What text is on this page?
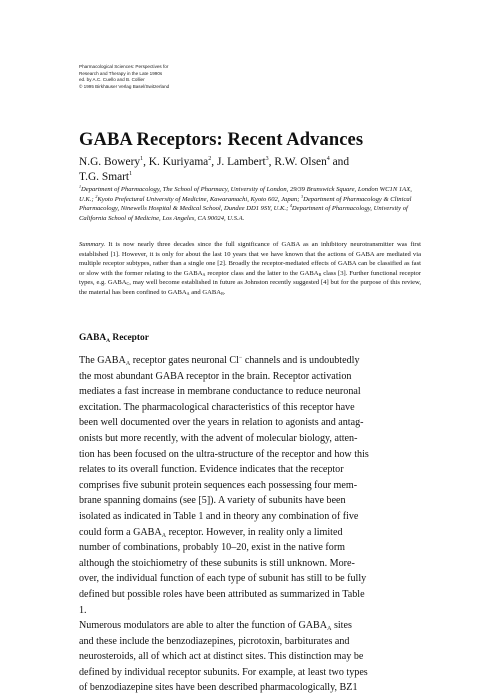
Pharmacological Sciences: Perspectives for
Research and Therapy in the Late 1990s
ed. by A.C. Cuello and B. Collier
© 1995 Birkhäuser Verlag Basel/Switzerland
GABA Receptors: Recent Advances

N.G. Bowery$^1$, K. Kuriyama$^2$, J. Lambert$^3$, R.W. Olsen$^4$ and
T.G. Smart$^1$

$^1$Department of Pharmacology, The School of Pharmacy, University of London, 29/39 Brunswick Square, London WC1N 1AX, U.K.; $^2$Kyoto Prefectural University of Medicine, Kawaramachi, Kyoto 602, Japan; $^3$Department of Pharmacology & Clinical Pharmacology, Ninewells Hospital & Medical School, Dundee DD1 9SY, U.K.; $^4$Department of Pharmacology, University of California School of Medicine, Los Angeles, CA 90024, U.S.A.

Summary. It is now nearly three decades since the full significance of GABA as an inhibitory neurotransmitter was first established [1]. However, it is only for about the last 10 years that we have known that the actions of GABA are mediated via multiple receptor subtypes, rather than a single one [2]. Broadly the receptor-mediated effects of GABA can be classified as fast or slow with the former relating to the $GABA_A$ receptor class and the latter to the $GABA_B$ class [3]. Further functional receptor types, e.g. $GABA_C$, may well become established in future as Johnston recently suggested [4] but for the purpose of this review, the material has been confined to $GABA_A$ and $GABA_B$.

$GABA_A$ Receptor
The $GABA_A$ receptor gates neuronal Cl− channels and is undoubtedly
the most abundant GABA receptor in the brain. Receptor activation
mediates a fast increase in membrane conductance to reduce neuronal
excitation. The pharmacological characteristics of this receptor have
been well documented over the years in relation to agonists and antag-
onists but more recently, with the advent of molecular biology, atten-
tion has been focused on the ultra-structure of the receptor and how this
relates to its overall function. Evidence indicates that the receptor
comprises five subunit protein sequences each possessing four mem-
brane spanning domains (see [5]). A variety of subunits have been
isolated as indicated in Table 1 and in theory any combination of five
could form a $GABA_A$ receptor. However, in reality only a limited
number of combinations, probably 10–20, exist in the native form
although the stoichiometry of these subunits is still unknown. More-
over, the individual function of each type of subunit has still to be fully
defined but possible roles have been attributed as summarized in Table
1.
Numerous modulators are able to alter the function of $GABA_A$ sites
and these include the benzodiazepines, picrotoxin, barbiturates and
neurosteroids, all of which act at distinct sites. This distinction may be
defined by individual receptor subunits. For example, at least two types
of benzodiazepine sites have been described pharmacologically, BZ1
